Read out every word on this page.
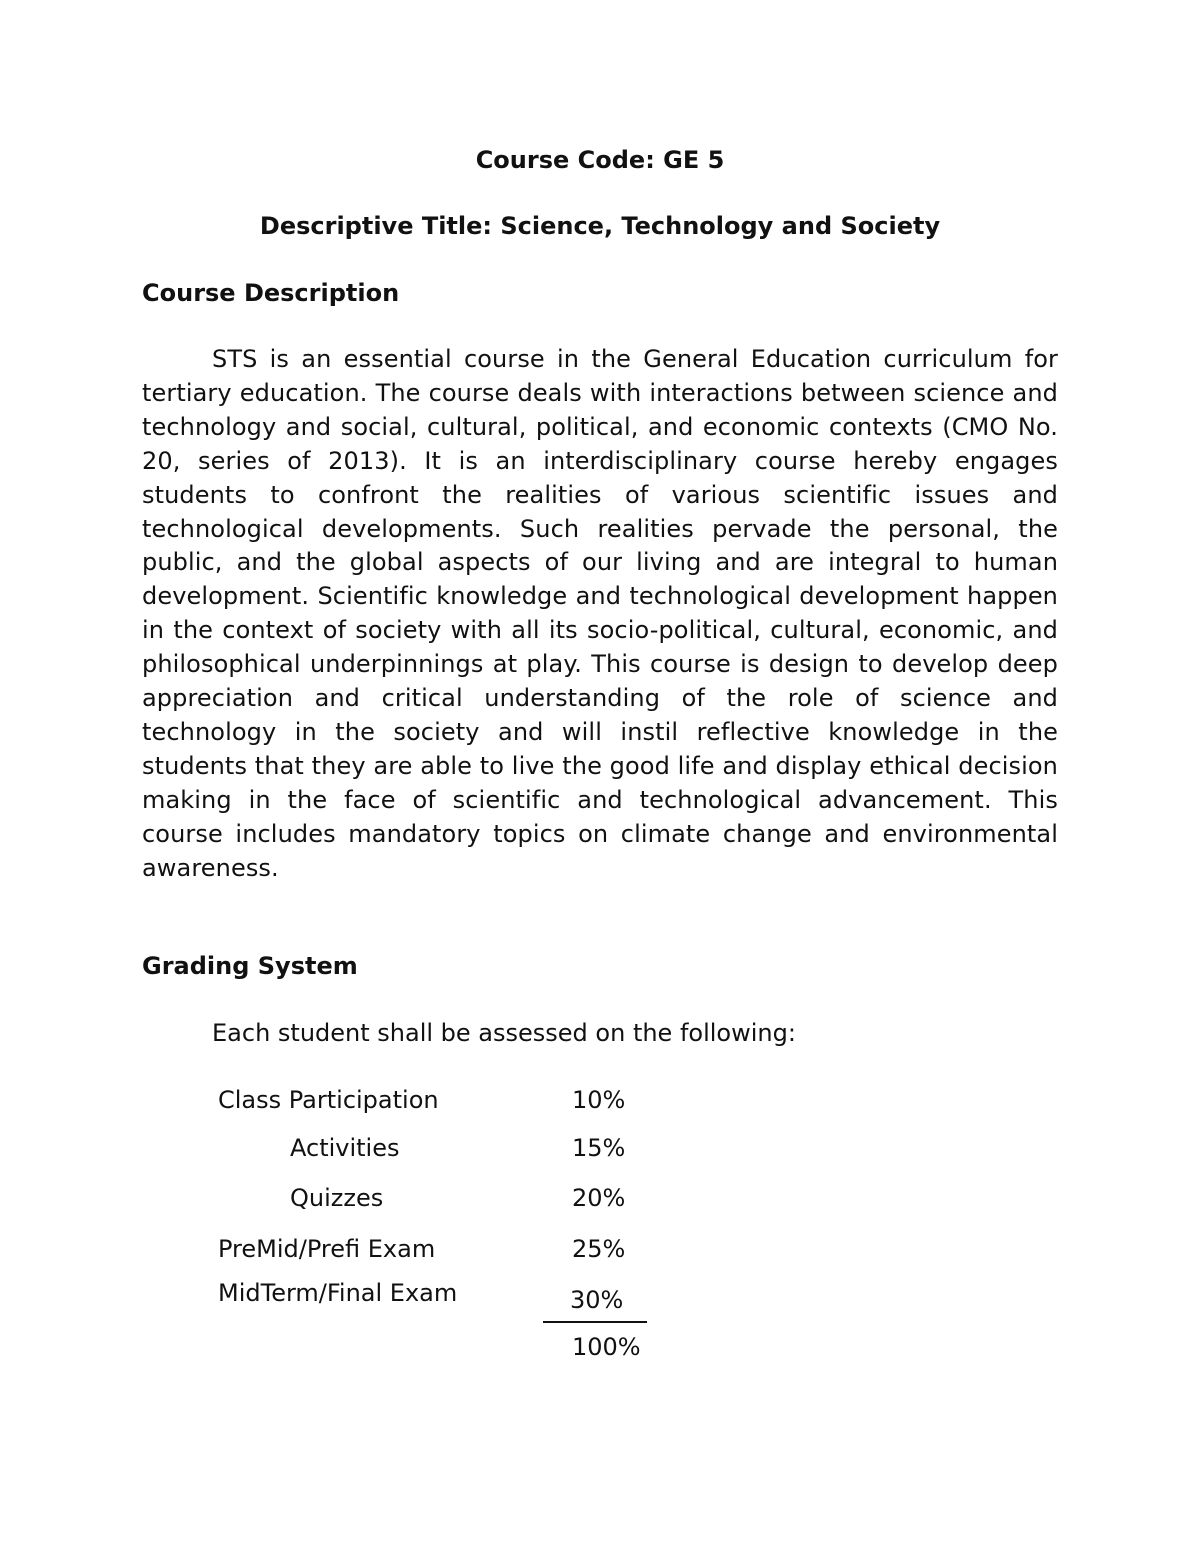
Course Code: GE 5
Descriptive Title: Science, Technology and Society
Course Description

STS is an essential course in the General Education curriculum for tertiary education. The course deals with interactions between science and technology and social, cultural, political, and economic contexts (CMO No. 20, series of 2013). It is an interdisciplinary course hereby engages students to confront the realities of various scientific issues and technological developments. Such realities pervade the personal, the public, and the global aspects of our living and are integral to human development. Scientific knowledge and technological development happen in the context of society with all its socio-political, cultural, economic, and philosophical underpinnings at play. This course is design to develop deep appreciation and critical understanding of the role of science and technology in the society and will instil reflective knowledge in the students that they are able to live the good life and display ethical decision making in the face of scientific and technological advancement. This course includes mandatory topics on climate change and environmental awareness.

Grading System

Each student shall be assessed on the following:

Class Participation	10%
Activities	15%
Quizzes	20%
PreMid/Prefi Exam	25%
MidTerm/Final Exam	30%
100%
